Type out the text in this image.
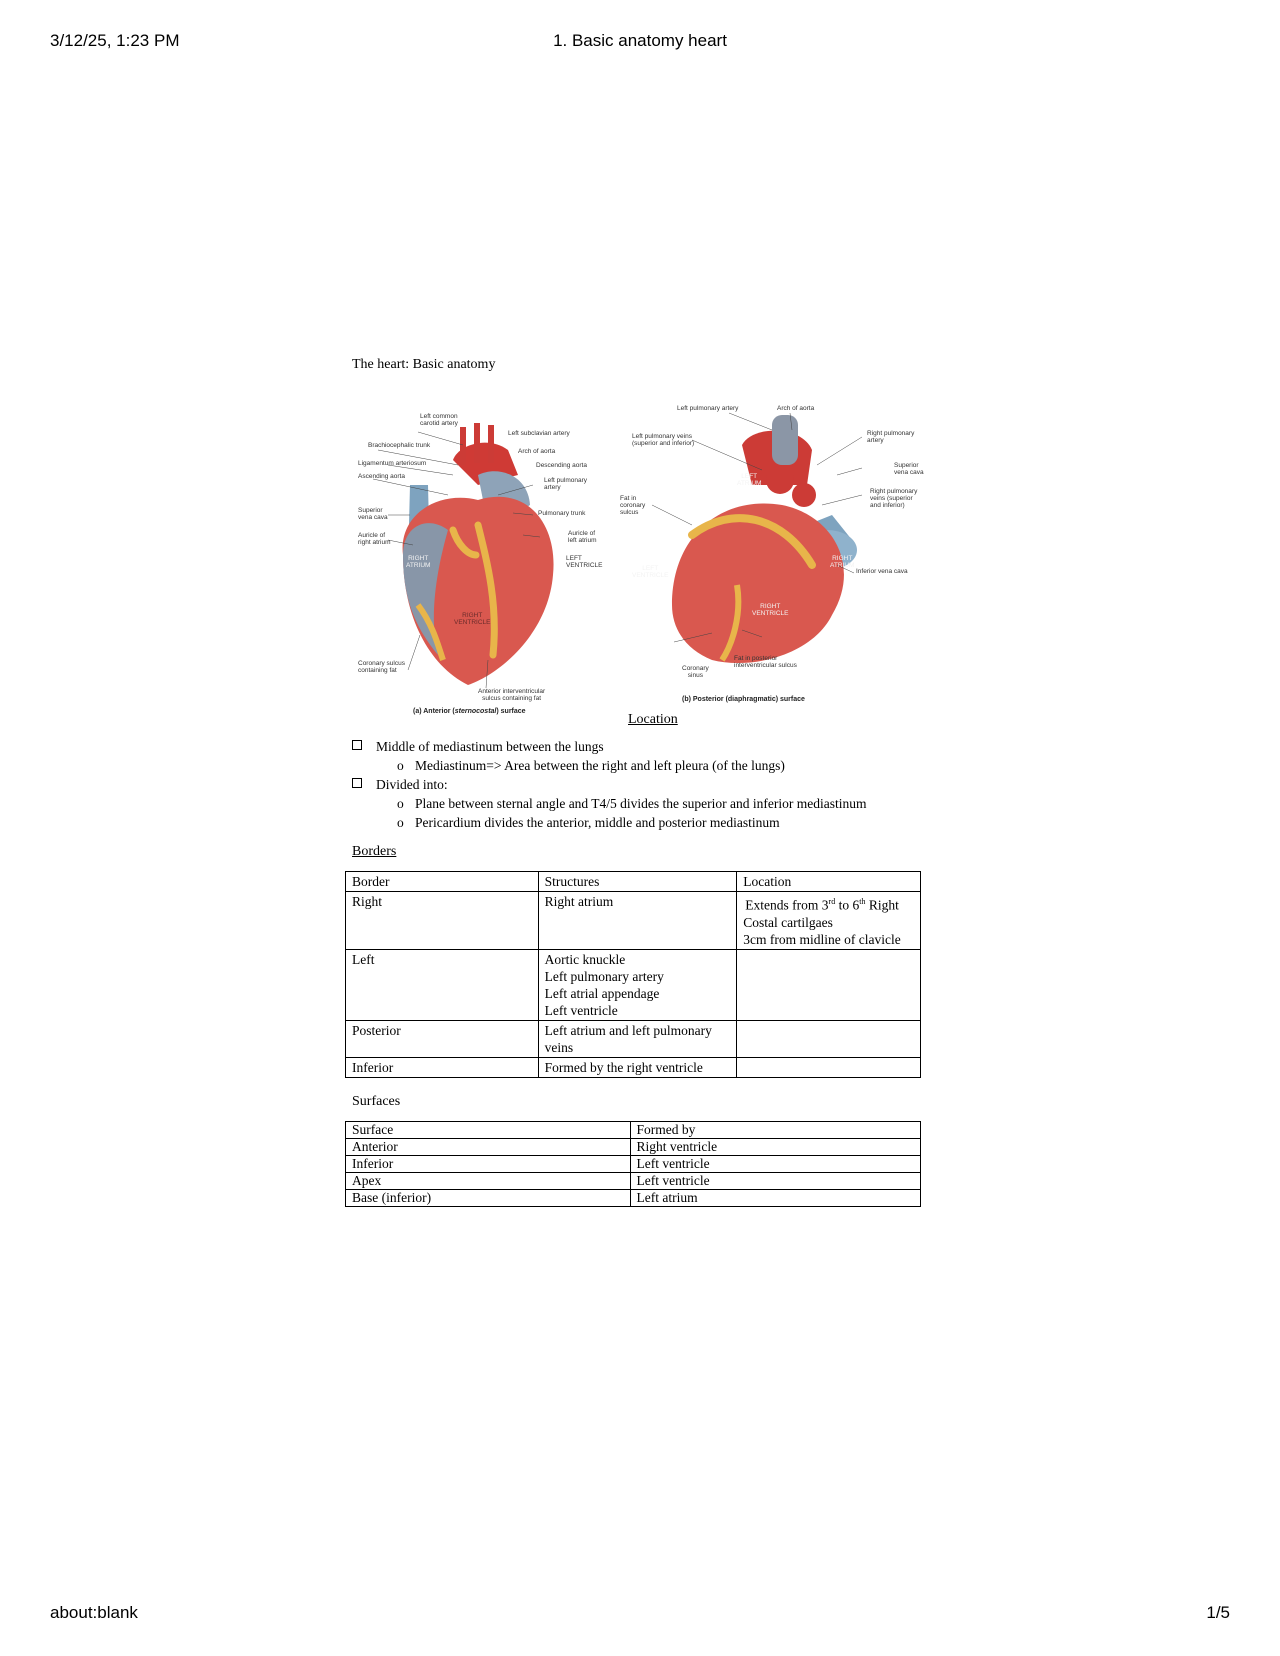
3/12/25, 1:23 PM	1. Basic anatomy heart
The heart: Basic anatomy
Left common
carotid artery
Left subclavian artery
Brachiocephalic trunk
Arch of aorta
Ligamentum arteriosum	Descending aorta
Ascending aorta
Left pulmonary
artery
Superior
vena cava
Pulmonary trunk
Auricle of
right atrium
Auricle of
left atrium
RIGHT
ATRIUM
LEFT
VENTRICLE
RIGHT
VENTRICLE
Coronary sulcus
containing fat
Anterior interventricular
sulcus containing fat
(a) Anterior (sternocostal) surface
Left pulmonary artery	Arch of aorta
Left pulmonary veins
(superior and inferior)
Right pulmonary
artery
Superior
vena cava
LEFT
ATRIUM
Right pulmonary
veins (superior
and inferior)
Fat in
coronary
sulcus
RIGHT
ATRIUM
LEFT
VENTRICLE
Inferior vena cava
RIGHT
VENTRICLE
Fat in posterior
interventricular sulcus
Coronary
sinus
(b) Posterior (diaphragmatic) surface
Location
Middle of mediastinum between the lungs
o Mediastinum=> Area between the right and left pleura (of the lungs)
Divided into:
o Plane between sternal angle and T4/5 divides the superior and inferior mediastinum
o Pericardium divides the anterior, middle and posterior mediastinum
Borders
Border	Structures	Location
Right	Right atrium	Extends from 3rd to 6th Right
Costal cartilgaes
3cm from midline of clavicle

Left	Aortic knuckle
Left pulmonary artery
Left atrial appendage
Left ventricle	

Posterior	Left atrium and left pulmonary
veins	

Inferior	Formed by the right ventricle	

Surfaces
Surface	Formed by
Anterior	Right ventricle
Inferior	Left ventricle
Apex	Left ventricle
Base (inferior)	Left atrium
about:blank	1/5
